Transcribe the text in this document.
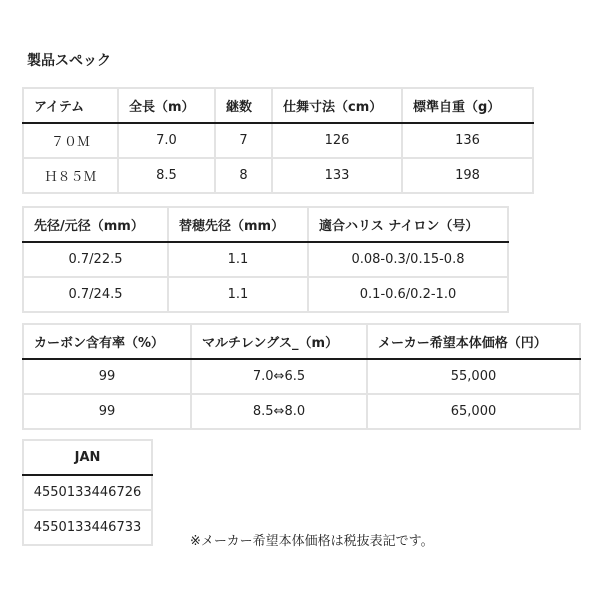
製品スペック
アイテム	全長（m）	継数	仕舞寸法（cm）	標準自重（g）
７０Ｍ	7.0	7	126	136
Ｈ８５Ｍ	8.5	8	133	198
先径/元径（mm）	替穂先径（mm）	適合ハリス ナイロン（号）
0.7/22.5	1.1	0.08-0.3/0.15-0.8
0.7/24.5	1.1	0.1-0.6/0.2-1.0
カーボン含有率（%）	マルチレングス_（m）	メーカー希望本体価格（円）
99	7.0⇔6.5	55,000
99	8.5⇔8.0	65,000
JAN
4550133446726
4550133446733
※メーカー希望本体価格は税抜表記です。
